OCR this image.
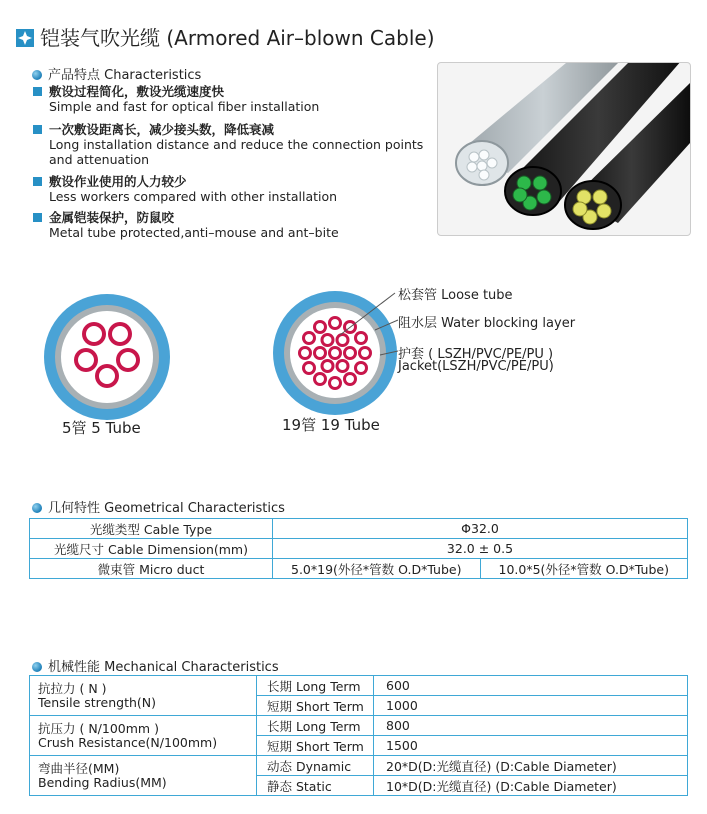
铠装气吹光缆 (Armored Air–blown Cable)
产品特点 Characteristics
敷设过程简化，敷设光缆速度快
Simple and fast for optical fiber installation
一次敷设距离长，减少接头数，降低衰减
Long installation distance and reduce the connection points
and attenuation
敷设作业使用的人力较少
Less workers compared with other installation
金属铠装保护，防鼠咬
Metal tube protected,anti–mouse and ant–bite
松套管 Loose tube
阻水层 Water blocking layer
护套 ( LSZH/PVC/PE/PU )
Jacket(LSZH/PVC/PE/PU)
5管 5 Tube	19管 19 Tube
几何特性 Geometrical Characteristics
光缆类型 Cable Type	Φ32.0	
光缆尺寸 Cable Dimension(mm)	32.0 ± 0.5	
微束管 Micro duct	5.0*19(外径*管数 O.D*Tube)	10.0*5(外径*管数 O.D*Tube)
机械性能 Mechanical Characteristics
抗拉力 ( N )
Tensile strength(N)	长期 Long Term	600
	短期 Short Term	1000

抗压力 ( N/100mm )
Crush Resistance(N/100mm)	长期 Long Term	800
	短期 Short Term	1500

弯曲半径(MM)
Bending Radius(MM)	动态 Dynamic	20*D(D:光缆直径) (D:Cable Diameter)
	静态 Static	10*D(D:光缆直径) (D:Cable Diameter)
